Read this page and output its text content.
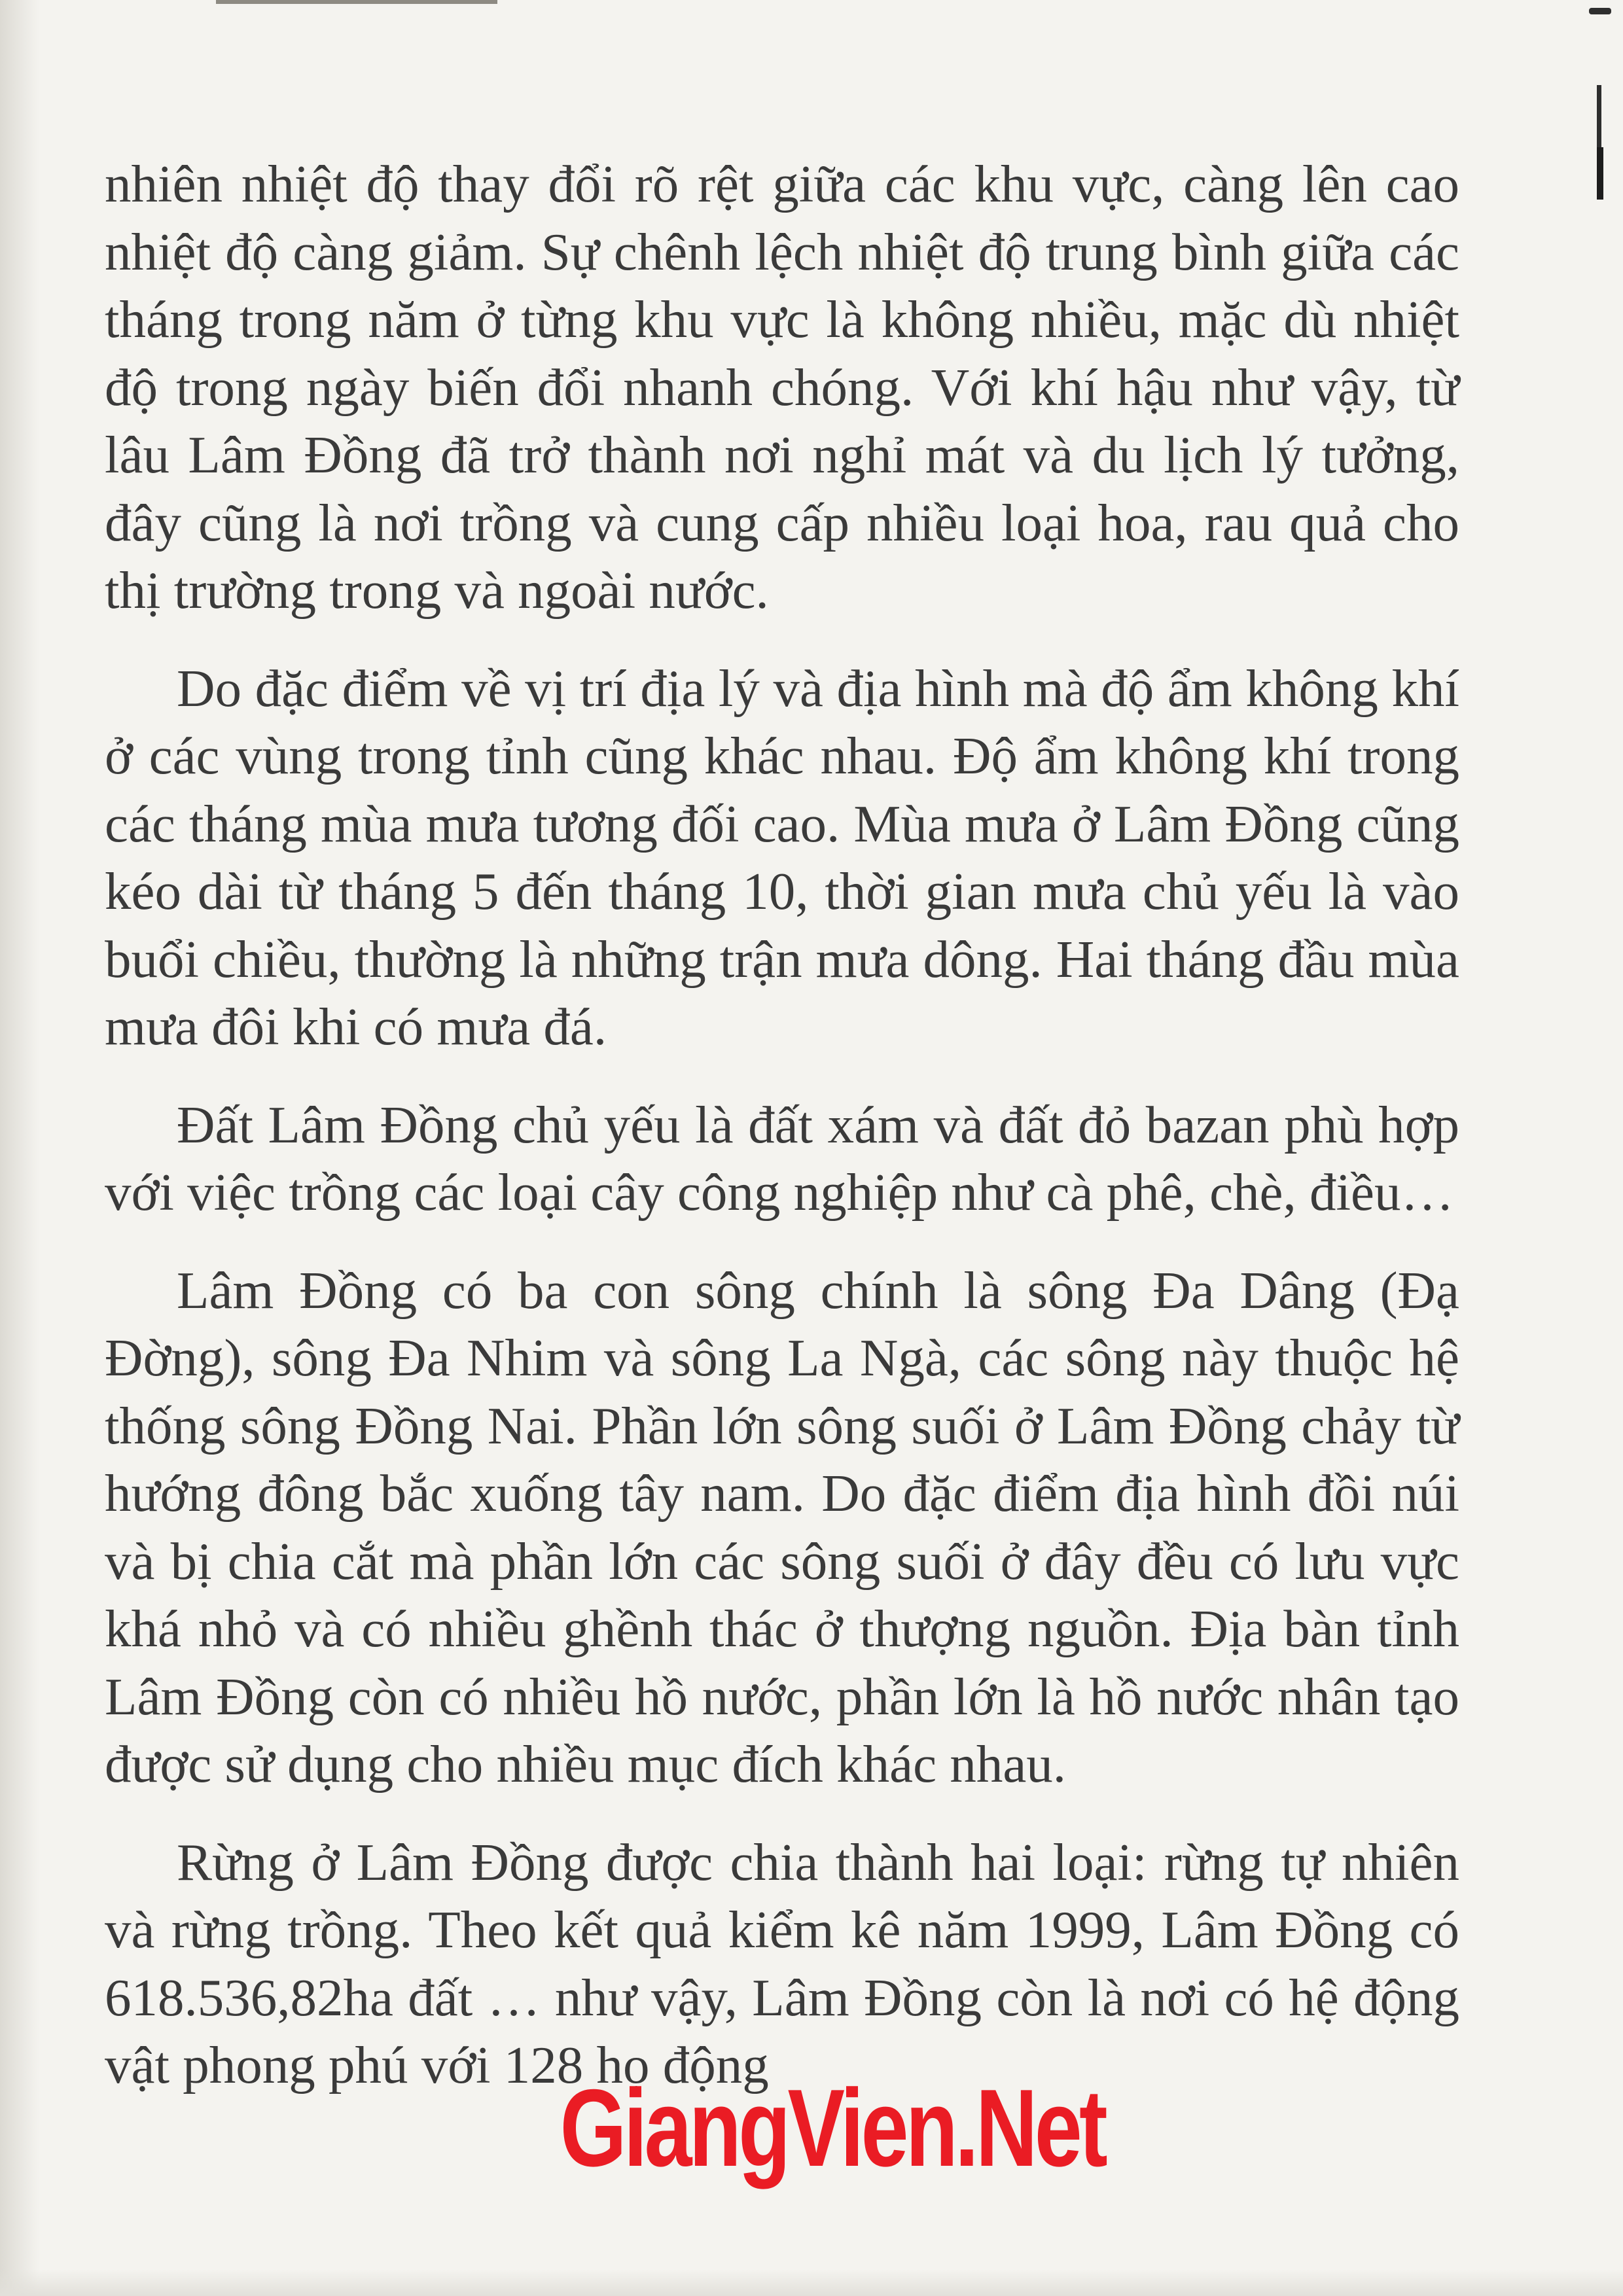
nhiên nhiệt độ thay đổi rõ rệt giữa các khu vực, càng lên cao nhiệt độ càng giảm. Sự chênh lệch nhiệt độ trung bình giữa các tháng trong năm ở từng khu vực là không nhiều, mặc dù nhiệt độ trong ngày biến đổi nhanh chóng. Với khí hậu như vậy, từ lâu Lâm Đồng đã trở thành nơi nghỉ mát và du lịch lý tưởng, đây cũng là nơi trồng và cung cấp nhiều loại hoa, rau quả cho thị trường trong và ngoài nước.

Do đặc điểm về vị trí địa lý và địa hình mà độ ẩm không khí ở các vùng trong tỉnh cũng khác nhau. Độ ẩm không khí trong các tháng mùa mưa tương đối cao. Mùa mưa ở Lâm Đồng cũng kéo dài từ tháng 5 đến tháng 10, thời gian mưa chủ yếu là vào buổi chiều, thường là những trận mưa dông. Hai tháng đầu mùa mưa đôi khi có mưa đá.

Đất Lâm Đồng chủ yếu là đất xám và đất đỏ bazan phù hợp với việc trồng các loại cây công nghiệp như cà phê, chè, điều…

Lâm Đồng có ba con sông chính là sông Đa Dâng (Đạ Đờng), sông Đa Nhim và sông La Ngà, các sông này thuộc hệ thống sông Đồng Nai. Phần lớn sông suối ở Lâm Đồng chảy từ hướng đông bắc xuống tây nam. Do đặc điểm địa hình đồi núi và bị chia cắt mà phần lớn các sông suối ở đây đều có lưu vực khá nhỏ và có nhiều ghềnh thác ở thượng nguồn. Địa bàn tỉnh Lâm Đồng còn có nhiều hồ nước, phần lớn là hồ nước nhân tạo được sử dụng cho nhiều mục đích khác nhau.

Rừng ở Lâm Đồng được chia thành hai loại: rừng tự nhiên và rừng trồng. Theo kết quả kiểm kê năm 1999, Lâm Đồng có 618.536,82ha đất … như vậy, Lâm Đồng còn là nơi có hệ động vật phong phú với 128 họ động

GiangVien.Net
